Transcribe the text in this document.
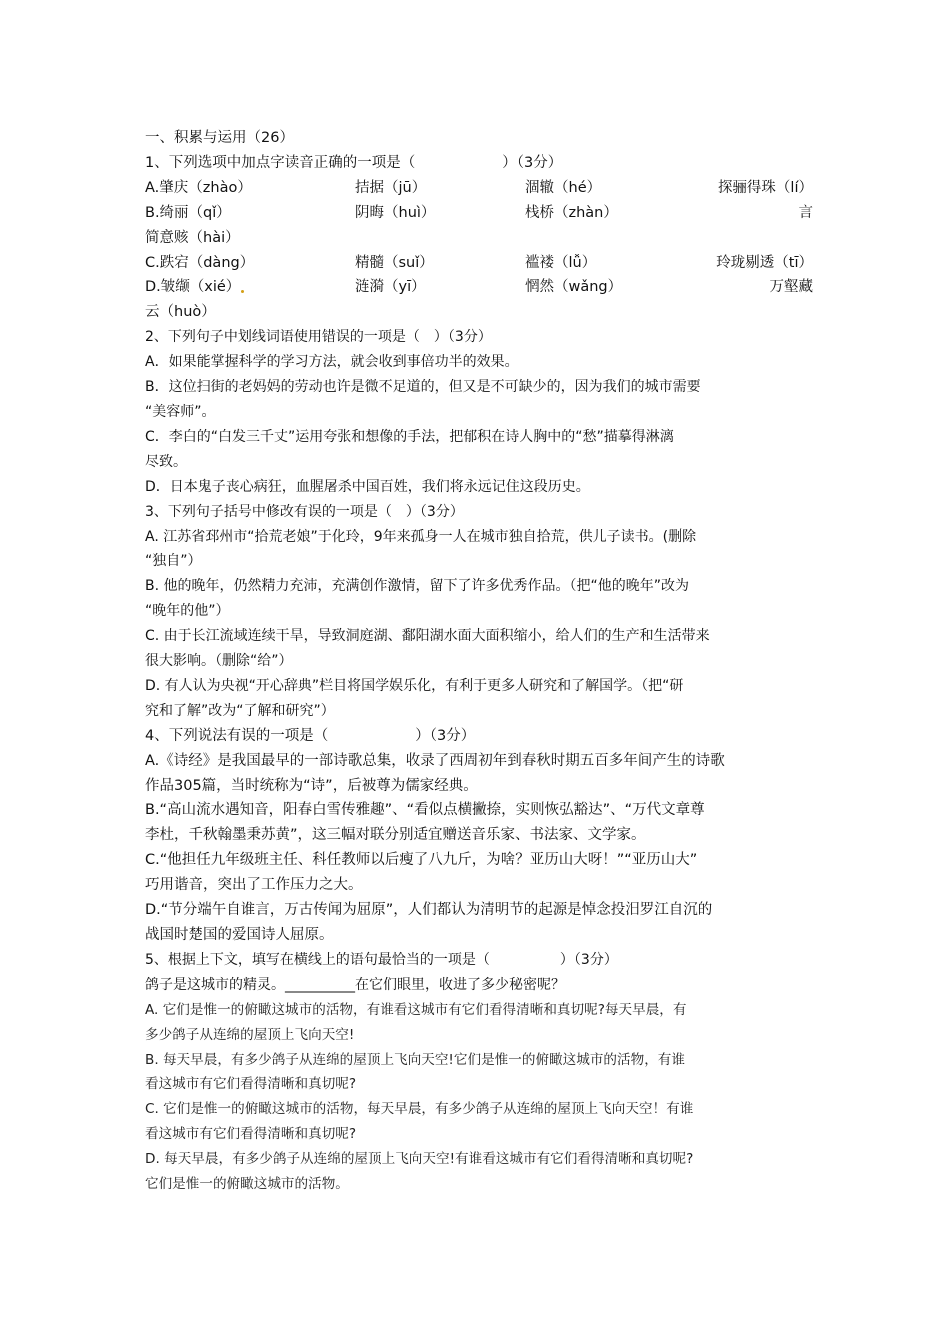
一、积累与运用（26）
1、下列选项中加点字读音正确的一项是（　　　　　　）（3分）
A.肇庆（zhào）	拮据（jū）	涸辙（hé）	探骊得珠（lí）
B.绮丽（qǐ）	阴晦（huì）	栈桥（zhàn）	言
简意赅（hài）
C.跌宕（dàng）	精髓（suǐ）	褴褛（lǚ）	玲珑剔透（tī）
D.皱缬（xié）	涟漪（yī）	惘然（wǎng）	万壑藏
云（huò）
2、下列句子中划线词语使用错误的一项是（　）（3分）
A．如果能掌握科学的学习方法，就会收到事倍功半的效果。
B．这位扫街的老妈妈的劳动也许是微不足道的，但又是不可缺少的，因为我们的城市需要
“美容师”。
C．李白的“白发三千丈”运用夸张和想像的手法，把郁积在诗人胸中的“愁”描摹得淋漓
尽致。
D．日本鬼子丧心病狂，血腥屠杀中国百姓，我们将永远记住这段历史。
3、下列句子括号中修改有误的一项是（　）（3分）
A. 江苏省邳州市“拾荒老娘”于化玲，9年来孤身一人在城市独自拾荒，供儿子读书。(删除
“独自”）
B. 他的晚年，仍然精力充沛，充满创作激情，留下了许多优秀作品。（把“他的晚年”改为
“晚年的他”）
C. 由于长江流域连续干旱，导致洞庭湖、鄱阳湖水面大面积缩小，给人们的生产和生活带来
很大影响。（删除“给”）
D. 有人认为央视“开心辞典”栏目将国学娱乐化，有利于更多人研究和了解国学。（把“研
究和了解”改为“了解和研究”）
4、下列说法有误的一项是（　　　　　　）（3分）
A.《诗经》是我国最早的一部诗歌总集，收录了西周初年到春秋时期五百多年间产生的诗歌
作品305篇，当时统称为“诗”，后被尊为儒家经典。
B.“高山流水遇知音，阳春白雪传雅趣”、“看似点横撇捺，实则恢弘豁达”、“万代文章尊
李杜，千秋翰墨秉苏黄”，这三幅对联分别适宜赠送音乐家、书法家、文学家。
C.“他担任九年级班主任、科任教师以后瘦了八九斤，为啥？亚历山大呀！”“亚历山大”
巧用谐音，突出了工作压力之大。
D.“节分端午自谁言，万古传闻为屈原”，人们都认为清明节的起源是悼念投汨罗江自沉的
战国时楚国的爱国诗人屈原。
5、根据上下文，填写在横线上的语句最恰当的一项是（　　　　　）（3分）
鸽子是这城市的精灵。__________在它们眼里，收进了多少秘密呢？
A. 它们是惟一的俯瞰这城市的活物，有谁看这城市有它们看得清晰和真切呢?每天早晨，有
多少鸽子从连绵的屋顶上飞向天空!
B. 每天早晨，有多少鸽子从连绵的屋顶上飞向天空!它们是惟一的俯瞰这城市的活物，有谁
看这城市有它们看得清晰和真切呢?
C. 它们是惟一的俯瞰这城市的活物，每天早晨，有多少鸽子从连绵的屋顶上飞向天空！有谁
看这城市有它们看得清晰和真切呢?
D. 每天早晨，有多少鸽子从连绵的屋顶上飞向天空!有谁看这城市有它们看得清晰和真切呢?
它们是惟一的俯瞰这城市的活物。
